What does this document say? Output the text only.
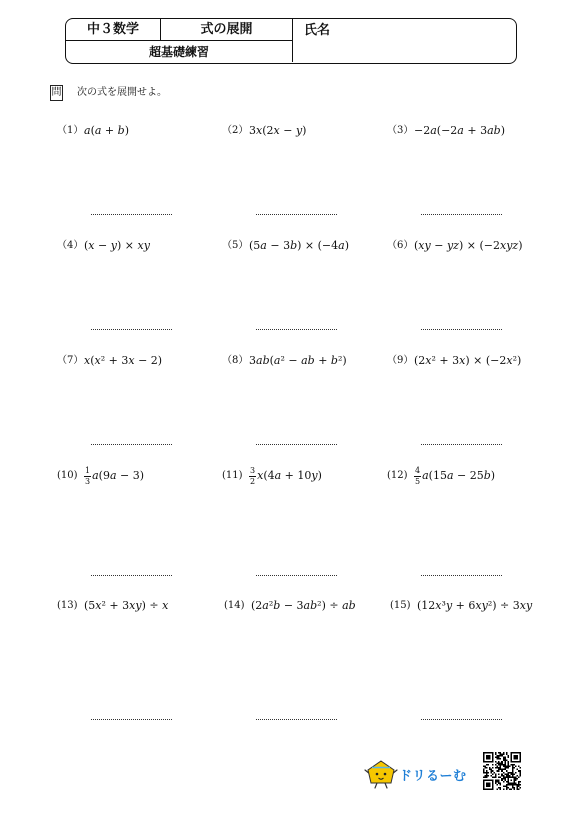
中３数学	式の展開
超基礎練習
氏名
問 次の式を展開せよ。
（1） a(a + b)	（2） 3x(2x − y)	（3） −2a(−2a + 3ab)
（4） (x − y) × xy	（5） (5a − 3b) × (−4a)	（6） (xy − yz) × (−2xyz)
（7） x(x² + 3x − 2)	（8） 3ab(a² − ab + b²)	（9） (2x² + 3x) × (−2x²)
$(10) \frac{1}{3} a(9a - 3)$	$(11) \frac{3}{2} x(4a + 10y)$	$(12) \frac{4}{5} a(15a - 25b)$
(13) (5x² + 3xy) ÷ x	(14) (2a²b − 3ab²) ÷ ab	(15) (12x³y + 6xy²) ÷ 3xy
ドリるーむ
